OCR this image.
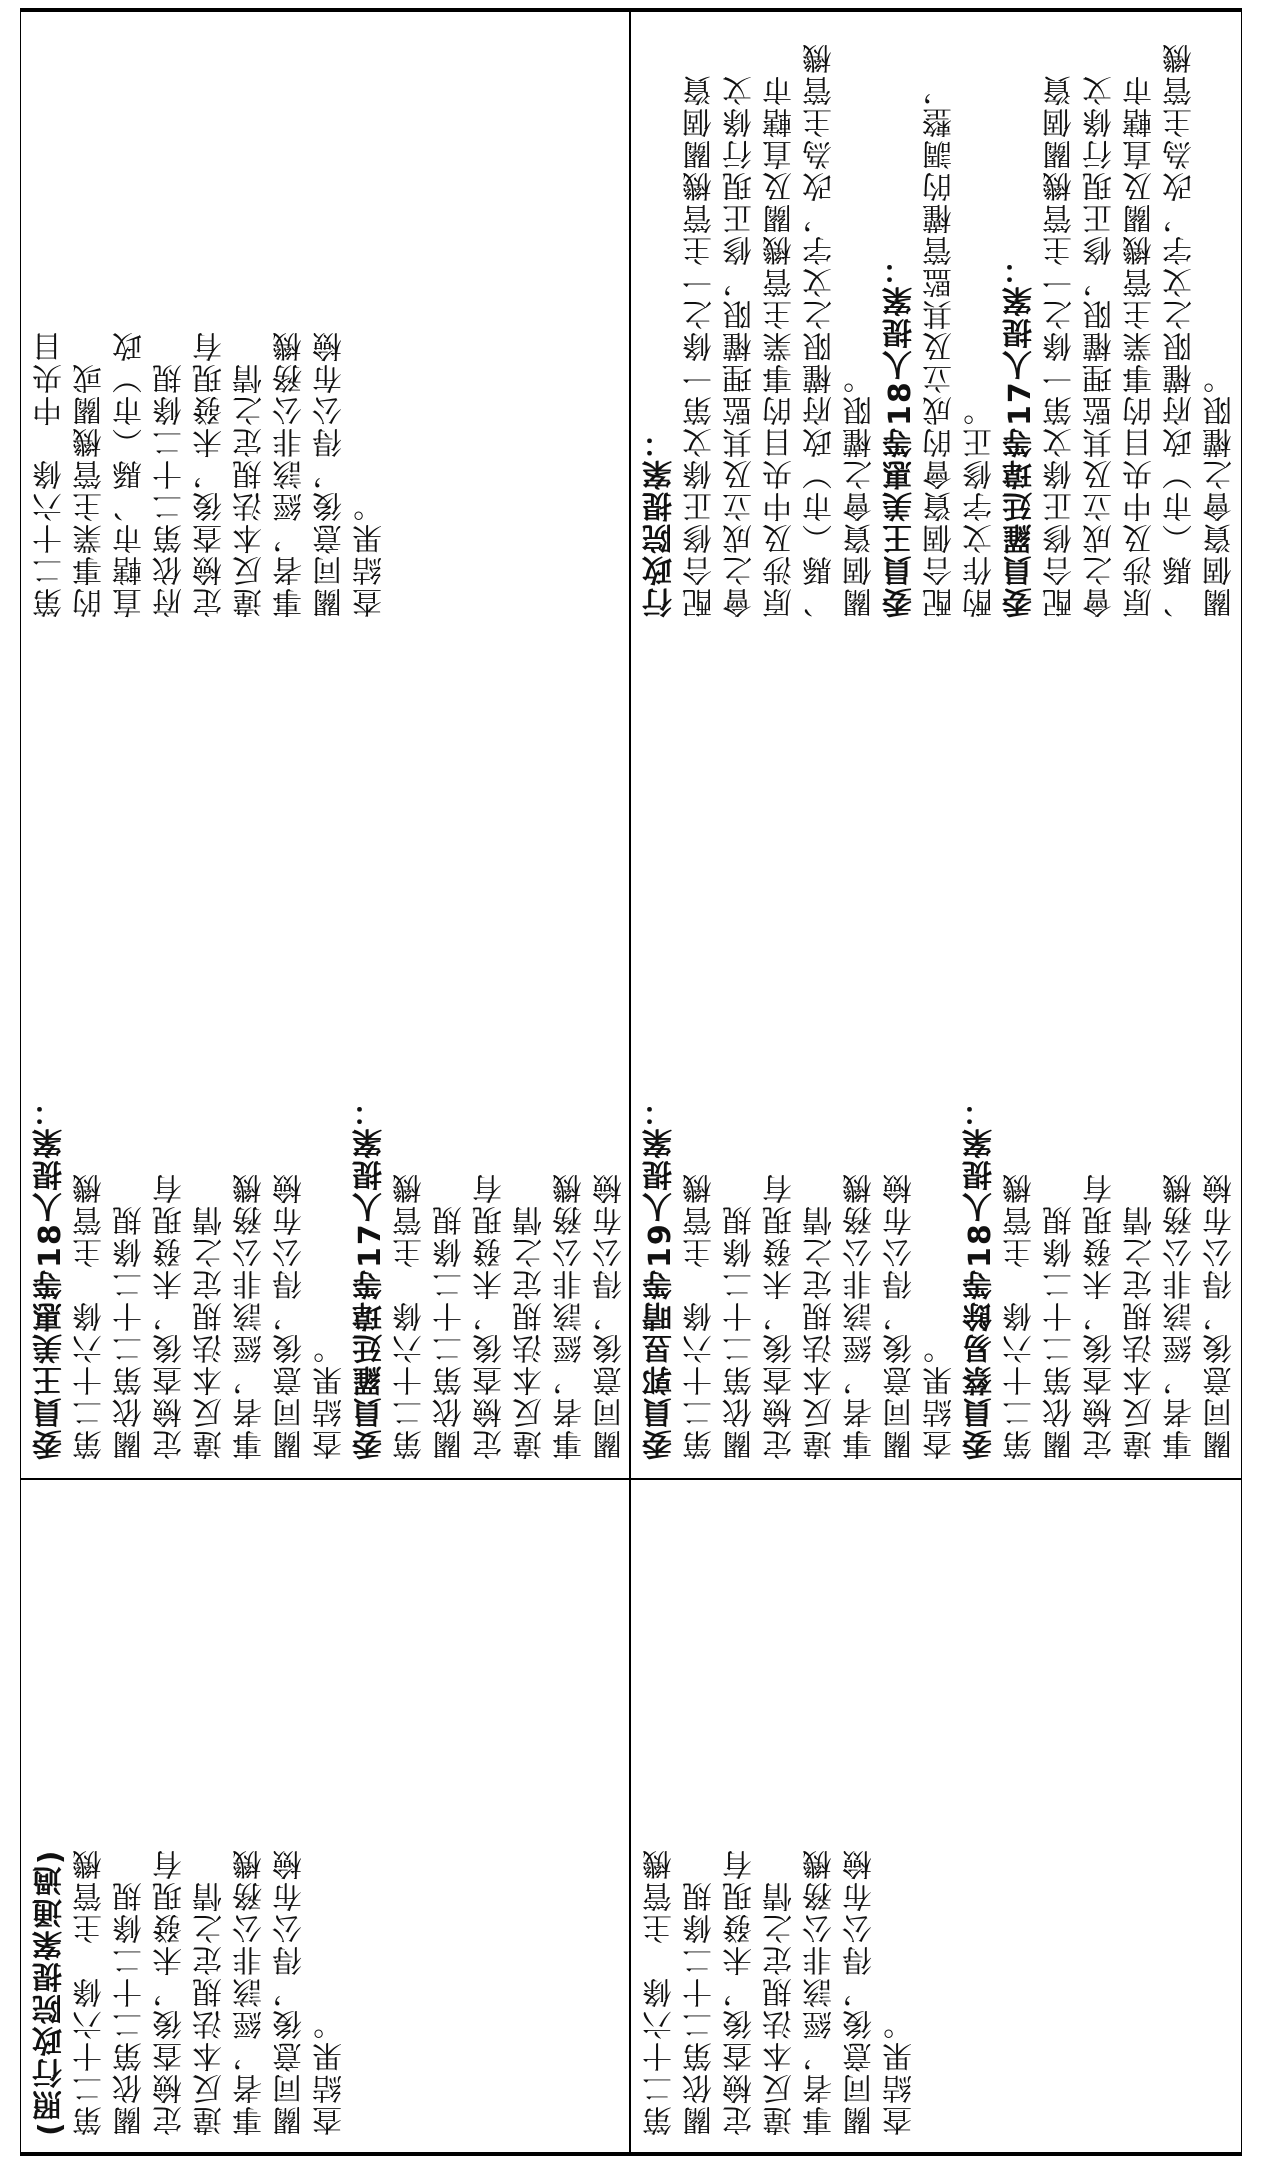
(照行政院提案通過) 第二十六條　主管機 關依第二十二條規 定檢查後，未發現有 違反本法規定之情 事者，經該非公務機 關同意後，得公布檢 查結果。	第二十六條　主管機 關依第二十二條規 定檢查後，未發現有 違反本法規定之情 事者，經該非公務機 關同意後，得公布檢 查結果。

委員王美惠等18人提案： 第二十六條　主管機 關依第二十二條規 定檢查後，未發現有 違反本法規定之情 事者，經該非公務機 關同意後，得公布檢 查結果。 委員羅廷瑋等17人提案： 第二十六條　主管機 關依第二十二條規 定檢查後，未發現有 違反本法規定之情 事者，經該非公務機 關同意後，得公布檢 委員郭昱晴等19人提案： 第二十六條　主管機 關依第二十二條規 定檢查後，未發現有 違反本法規定之情 事者，經該非公務機 關同意後，得公布檢 查結果。 委員蔡易餘等18人提案： 第二十六條　主管機 關依第二十二條規 定檢查後，未發現有 違反本法規定之情 事者，經該非公務機 關同意後，得公布檢

第二十六條　中央目 的事業主管機關或 直轄市、縣（市）政 府依第二十二條規 定檢查後，未發現有 違反本法規定之情 事者，經該非公務機 關同意後，得公布檢 查結果。	行政院提案： 配合修正條文第一條之一主管機關個資 會之成立及其監理權限，修正現行條文 原涉及中央目的事業主管機關及直轄市 、縣（市）政府權限之文字，改為主管機 關個資會之權限。 委員王美惠等18人提案： 配合個資會的成立及其監管權的調整， 酌作文字修正。 委員羅廷瑋等17人提案： 配合修正條文第一條之一主管機關個資 會之成立及其監理權限，修正現行條文 原涉及中央目的事業主管機關及直轄市 、縣（市）政府權限之文字，改為主管機 關個資會之權限。
